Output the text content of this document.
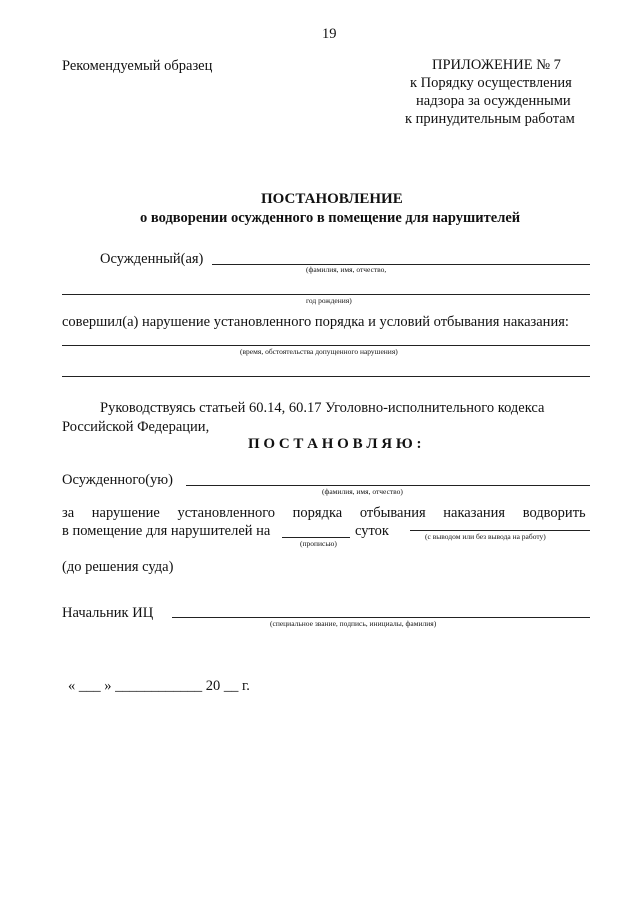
19
Рекомендуемый образец	ПРИЛОЖЕНИЕ № 7
к Порядку осуществления
надзора за осужденными
к принудительным работам
ПОСТАНОВЛЕНИЕ
о водворении осужденного в помещение для нарушителей
Осужденный(ая)
(фамилия, имя, отчество,
год рождения)
совершил(а) нарушение установленного порядка и условий отбывания наказания:
(время, обстоятельства допущенного нарушения)
Руководствуясь статьей 60.14, 60.17 Уголовно-исполнительного кодекса
Российской Федерации,
П О С Т А Н О В Л Я Ю :
Осужденного(ую)
(фамилия, имя, отчество)
за нарушение установленного порядка отбывания наказания водворить
в помещение для нарушителей на
(прописью)
суток	(с выводом или без вывода на работу)
(до решения суда)
Начальник ИЦ
(специальное звание, подпись, инициалы, фамилия)
« ___ » ____________ 20 __ г.
